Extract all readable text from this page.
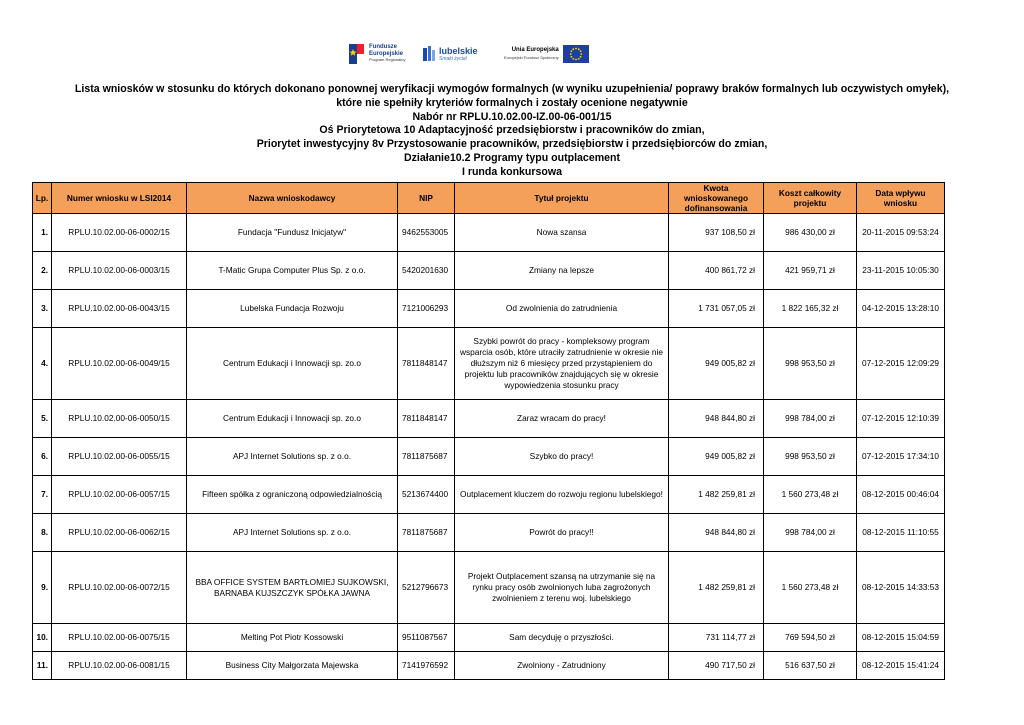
Fundusze
Europejskie
Program Regionalny
lubelskie
Smaki życia!
Unia Europejska
Europejski Fundusz Społeczny
Lista wniosków w stosunku do których dokonano ponownej weryfikacji wymogów formalnych (w wyniku uzupełnienia/ poprawy braków formalnych lub oczywistych omyłek),
które nie spełniły kryteriów formalnych i zostały ocenione negatywnie
Nabór nr RPLU.10.02.00-IZ.00-06-001/15
Oś Priorytetowa 10 Adaptacyjność przedsiębiorstw i pracowników do zmian,
Priorytet inwestycyjny 8v Przystosowanie pracowników, przedsiębiorstw i przedsiębiorców do zmian,
Działanie10.2 Programy typu outplacement
I runda konkursowa
Lp.	Numer wniosku w LSI2014	Nazwa wnioskodawcy	NIP	Tytuł projektu	Kwota wnioskowanego dofinansowania	Koszt całkowity projektu	Data wpływu wniosku
1.	RPLU.10.02.00-06-0002/15	Fundacja "Fundusz Inicjatyw"	9462553005	Nowa szansa	937 108,50 zł	986 430,00 zł	20-11-2015 09:53:24
2.	RPLU.10.02.00-06-0003/15	T-Matic Grupa Computer Plus Sp. z o.o.	5420201630	Zmiany na lepsze	400 861,72 zł	421 959,71 zł	23-11-2015 10:05:30
3.	RPLU.10.02.00-06-0043/15	Lubelska Fundacja Rozwoju	7121006293	Od zwolnienia do zatrudnienia	1 731 057,05 zł	1 822 165,32 zł	04-12-2015 13:28:10
4.	RPLU.10.02.00-06-0049/15	Centrum Edukacji i Innowacji sp. zo.o	7811848147	Szybki powrót do pracy - kompleksowy program wsparcia osób, które utraciły zatrudnienie w okresie nie dłuższym niż 6 miesięcy przed przystąpieniem do projektu lub pracowników znajdujących się w okresie wypowiedzenia stosunku pracy	949 005,82 zł	998 953,50 zł	07-12-2015 12:09:29
5.	RPLU.10.02.00-06-0050/15	Centrum Edukacji i Innowacji sp. zo.o	7811848147	Zaraz wracam do pracy!	948 844,80 zł	998 784,00 zł	07-12-2015 12:10:39
6.	RPLU.10.02.00-06-0055/15	APJ Internet Solutions sp. z o.o.	7811875687	Szybko do pracy!	949 005,82 zł	998 953,50 zł	07-12-2015 17:34:10
7.	RPLU.10.02.00-06-0057/15	Fifteen spółka z ograniczoną odpowiedzialnością	5213674400	Outplacement kluczem do rozwoju regionu lubelskiego!	1 482 259,81 zł	1 560 273,48 zł	08-12-2015 00:46:04
8.	RPLU.10.02.00-06-0062/15	APJ Internet Solutions sp. z o.o.	7811875687	Powrót do pracy!!	948 844,80 zł	998 784,00 zł	08-12-2015 11:10:55
9.	RPLU.10.02.00-06-0072/15	BBA OFFICE SYSTEM BARTŁOMIEJ SUJKOWSKI, BARNABA KUJSZCZYK SPÓŁKA JAWNA	5212796673	Projekt Outplacement szansą na utrzymanie się na rynku pracy osób zwolnionych luba zagrożonych zwolnieniem z terenu woj. lubelskiego	1 482 259,81 zł	1 560 273,48 zł	08-12-2015 14:33:53
10.	RPLU.10.02.00-06-0075/15	Melting Pot Piotr Kossowski	9511087567	Sam decyduję o przyszłości.	731 114,77 zł	769 594,50 zł	08-12-2015 15:04:59
11.	RPLU.10.02.00-06-0081/15	Business City Małgorzata Majewska	7141976592	Zwolniony - Zatrudniony	490 717,50 zł	516 637,50 zł	08-12-2015 15:41:24
